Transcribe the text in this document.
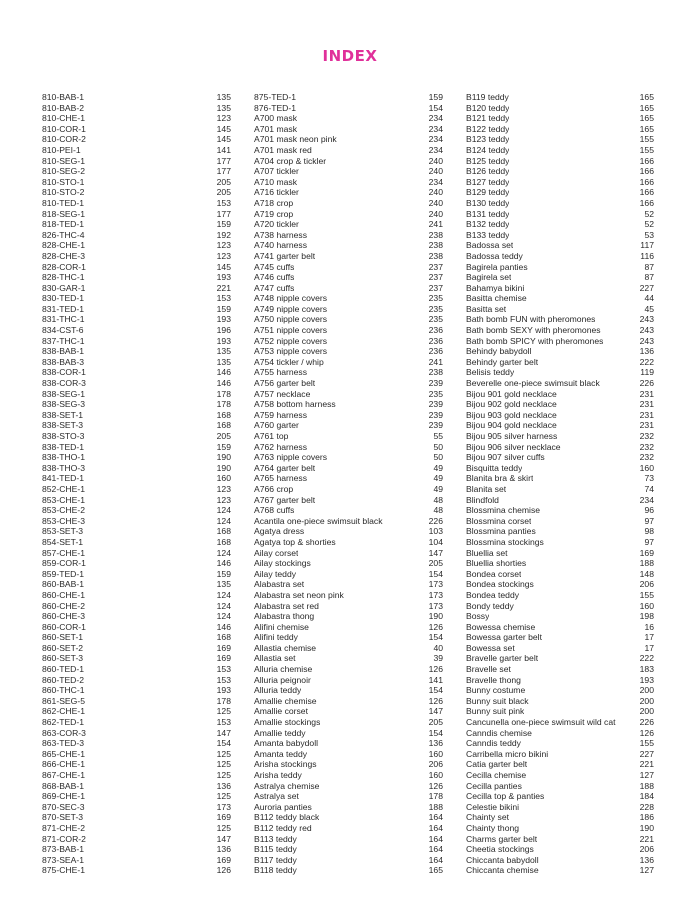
INDEX
810-BAB-1	135
810-BAB-2	135
810-CHE-1	123
810-COR-1	145
810-COR-2	145
810-PEI-1	141
810-SEG-1	177
810-SEG-2	177
810-STO-1	205
810-STO-2	205
810-TED-1	153
818-SEG-1	177
818-TED-1	159
826-THC-4	192
828-CHE-1	123
828-CHE-3	123
828-COR-1	145
828-THC-1	193
830-GAR-1	221
830-TED-1	153
831-TED-1	159
831-THC-1	193
834-CST-6	196
837-THC-1	193
838-BAB-1	135
838-BAB-3	135
838-COR-1	146
838-COR-3	146
838-SEG-1	178
838-SEG-3	178
838-SET-1	168
838-SET-3	168
838-STO-3	205
838-TED-1	159
838-THO-1	190
838-THO-3	190
841-TED-1	160
852-CHE-1	123
853-CHE-1	123
853-CHE-2	124
853-CHE-3	124
853-SET-3	168
854-SET-1	168
857-CHE-1	124
859-COR-1	146
859-TED-1	159
860-BAB-1	135
860-CHE-1	124
860-CHE-2	124
860-CHE-3	124
860-COR-1	146
860-SET-1	168
860-SET-2	169
860-SET-3	169
860-TED-1	153
860-TED-2	153
860-THC-1	193
861-SEG-5	178
862-CHE-1	125
862-TED-1	153
863-COR-3	147
863-TED-3	154
865-CHE-1	125
866-CHE-1	125
867-CHE-1	125
868-BAB-1	136
869-CHE-1	125
870-SEC-3	173
870-SET-3	169
871-CHE-2	125
871-COR-2	147
873-BAB-1	136
873-SEA-1	169
875-CHE-1	126
875-TED-1	159
876-TED-1	154
A700 mask	234
A701 mask	234
A701 mask neon pink	234
A701 mask red	234
A704 crop & tickler	240
A707 tickler	240
A710 mask	234
A716 tickler	240
A718 crop	240
A719 crop	240
A720 tickler	241
A738 harness	238
A740 harness	238
A741 garter belt	238
A745 cuffs	237
A746 cuffs	237
A747 cuffs	237
A748 nipple covers	235
A749 nipple covers	235
A750 nipple covers	235
A751 nipple covers	236
A752 nipple covers	236
A753 nipple covers	236
A754 tickler / whip	241
A755 harness	238
A756 garter belt	239
A757 necklace	235
A758 bottom harness	239
A759 harness	239
A760 garter	239
A761 top	55
A762 harness	50
A763 nipple covers	50
A764 garter belt	49
A765 harness	49
A766 crop	49
A767 garter belt	48
A768 cuffs	48
Acantila one-piece swimsuit black	226
Agatya dress	103
Agatya top & shorties	104
Ailay corset	147
Ailay stockings	205
Ailay teddy	154
Alabastra set	173
Alabastra set neon pink	173
Alabastra set red	173
Alabastra thong	190
Alifini chemise	126
Alifini teddy	154
Allastia chemise	40
Allastia set	39
Alluria chemise	126
Alluria peignoir	141
Alluria teddy	154
Amallie chemise	126
Amallie corset	147
Amallie stockings	205
Amallie teddy	154
Amanta babydoll	136
Amanta teddy	160
Arisha stockings	206
Arisha teddy	160
Astralya chemise	126
Astralya set	178
Auroria panties	188
B112 teddy black	164
B112 teddy red	164
B113 teddy	164
B115 teddy	164
B117 teddy	164
B118 teddy	165
B119 teddy	165
B120 teddy	165
B121 teddy	165
B122 teddy	165
B123 teddy	155
B124 teddy	155
B125 teddy	166
B126 teddy	166
B127 teddy	166
B129 teddy	166
B130 teddy	166
B131 teddy	52
B132 teddy	52
B133 teddy	53
Badossa set	117
Badossa teddy	116
Bagirela panties	87
Bagirela set	87
Bahamya bikini	227
Basitta chemise	44
Basitta set	45
Bath bomb FUN with pheromones	243
Bath bomb SEXY with pheromones	243
Bath bomb SPICY with pheromones	243
Behindy babydoll	136
Behindy garter belt	222
Belisis teddy	119
Beverelle one-piece swimsuit black	226
Bijou 901 gold necklace	231
Bijou 902 gold necklace	231
Bijou 903 gold necklace	231
Bijou 904 gold necklace	231
Bijou 905 silver harness	232
Bijou 906 silver necklace	232
Bijou 907 silver cuffs	232
Bisquitta teddy	160
Blanita bra & skirt	73
Blanita set	74
Blindfold	234
Blossmina chemise	96
Blossmina corset	97
Blossmina panties	98
Blossmina stockings	97
Bluellia set	169
Bluellia shorties	188
Bondea corset	148
Bondea stockings	206
Bondea teddy	155
Bondy teddy	160
Bossy	198
Bowessa chemise	16
Bowessa garter belt	17
Bowessa set	17
Bravelle garter belt	222
Bravelle set	183
Bravelle thong	193
Bunny costume	200
Bunny suit black	200
Bunny suit pink	200
Cancunella one-piece swimsuit wild cat	226
Canndis chemise	126
Canndis teddy	155
Carribella micro bikini	227
Catia garter belt	221
Cecilla chemise	127
Cecilla panties	188
Cecilla top & panties	184
Celestie bikini	228
Chainty set	186
Chainty thong	190
Charms garter belt	221
Cheetia stockings	206
Chiccanta babydoll	136
Chiccanta chemise	127
